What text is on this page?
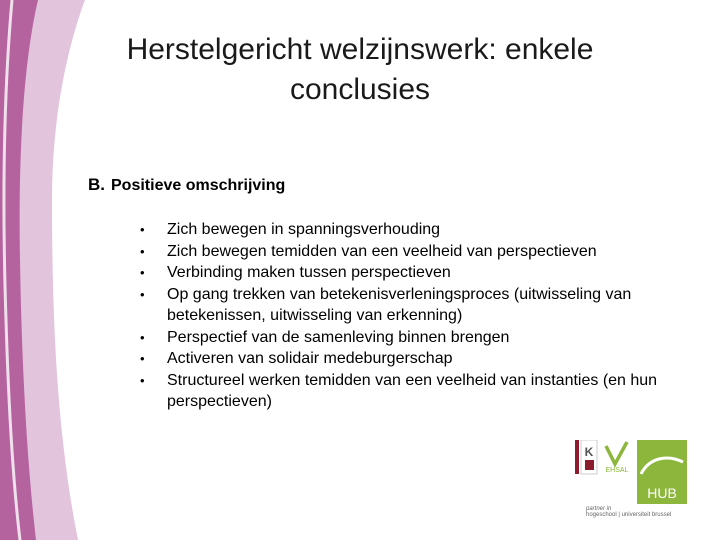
Herstelgericht welzijnswerk: enkele conclusies
B. Positieve omschrijving
• Zich bewegen in spanningsverhouding
• Zich bewegen temidden van een veelheid van perspectieven
• Verbinding maken tussen perspectieven
• Op gang trekken van betekenisverleningsproces (uitwisseling van betekenissen, uitwisseling van erkenning)
• Perspectief van de samenleving binnen brengen
• Activeren van solidair medeburgerschap
• Structureel werken temidden van een veelheid van instanties (en hun perspectieven)
K
EHSAL
HUB
partner in
hogeschool | universiteit brussel
